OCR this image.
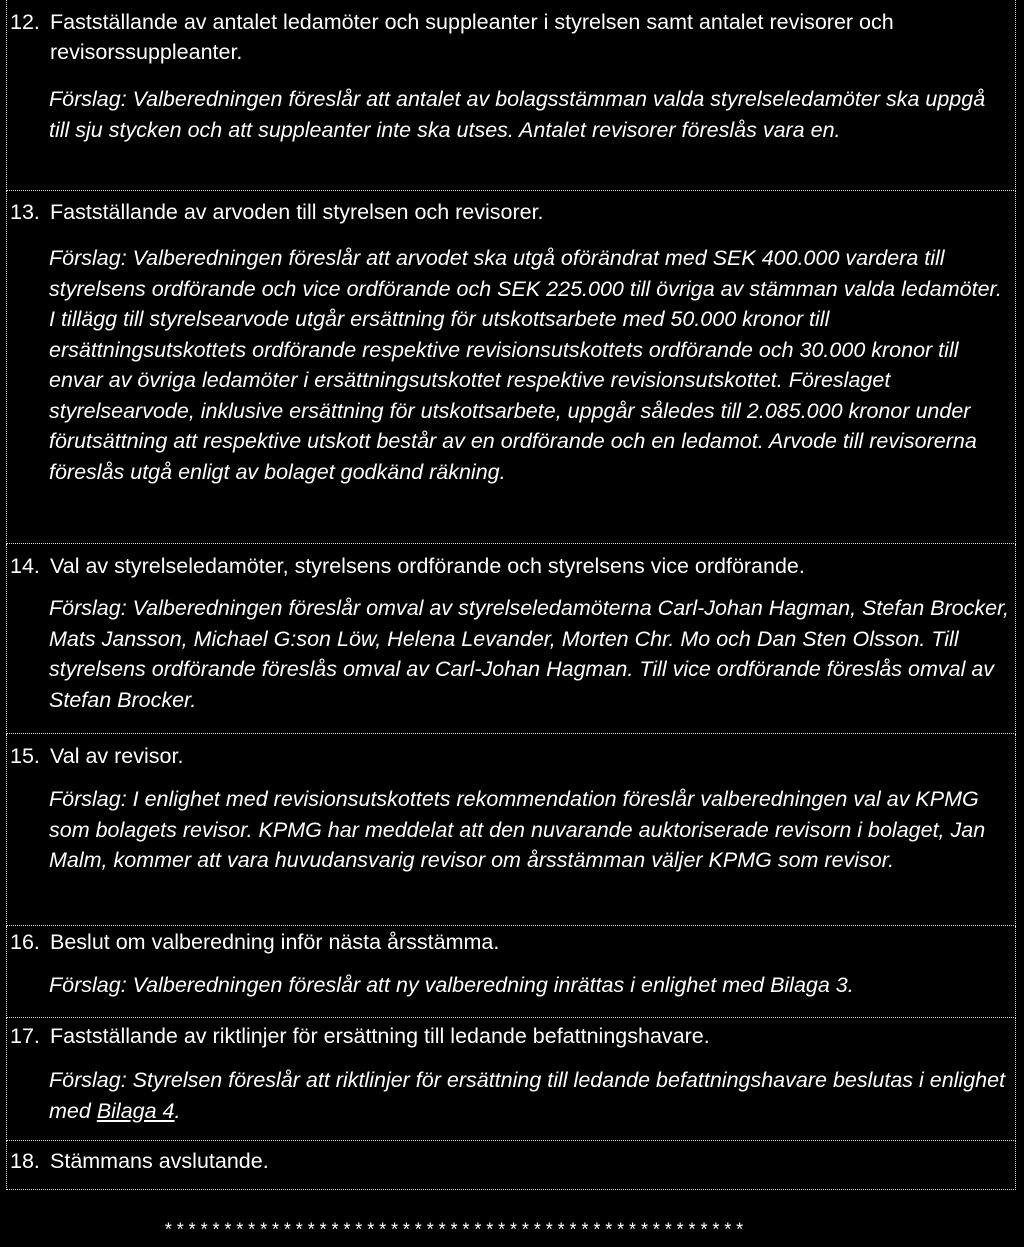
12. Fastställande av antalet ledamöter och suppleanter i styrelsen samt antalet revisorer och
revisorssuppleanter.

Förslag: Valberedningen föreslår att antalet av bolagsstämman valda styrelseledamöter ska uppgå till sju stycken och att suppleanter inte ska utses. Antalet revisorer föreslås vara en.

13. Fastställande av arvoden till styrelsen och revisorer.

Förslag: Valberedningen föreslår att arvodet ska utgå oförändrat med SEK 400.000 vardera till styrelsens ordförande och vice ordförande och SEK 225.000 till övriga av stämman valda ledamöter. I tillägg till styrelsearvode utgår ersättning för utskottsarbete med 50.000 kronor till ersättningsutskottets ordförande respektive revisionsutskottets ordförande och 30.000 kronor till envar av övriga ledamöter i ersättningsutskottet respektive revisionsutskottet. Föreslaget styrelsearvode, inklusive ersättning för utskottsarbete, uppgår således till 2.085.000 kronor under förutsättning att respektive utskott består av en ordförande och en ledamot. Arvode till revisorerna föreslås utgå enligt av bolaget godkänd räkning.

14. Val av styrelseledamöter, styrelsens ordförande och styrelsens vice ordförande.

Förslag: Valberedningen föreslår omval av styrelseledamöterna Carl-Johan Hagman, Stefan Brocker, Mats Jansson, Michael G:son Löw, Helena Levander, Morten Chr. Mo och Dan Sten Olsson. Till styrelsens ordförande föreslås omval av Carl-Johan Hagman. Till vice ordförande föreslås omval av Stefan Brocker.

15. Val av revisor.

Förslag: I enlighet med revisionsutskottets rekommendation föreslår valberedningen val av KPMG som bolagets revisor. KPMG har meddelat att den nuvarande auktoriserade revisorn i bolaget, Jan Malm, kommer att vara huvudansvarig revisor om årsstämman väljer KPMG som revisor.

16. Beslut om valberedning inför nästa årsstämma.

Förslag: Valberedningen föreslår att ny valberedning inrättas i enlighet med Bilaga 3.

17. Fastställande av riktlinjer för ersättning till ledande befattningshavare.

Förslag: Styrelsen föreslår att riktlinjer för ersättning till ledande befattningshavare beslutas i enlighet med Bilaga 4.

18. Stämmans avslutande.
*************************************************
